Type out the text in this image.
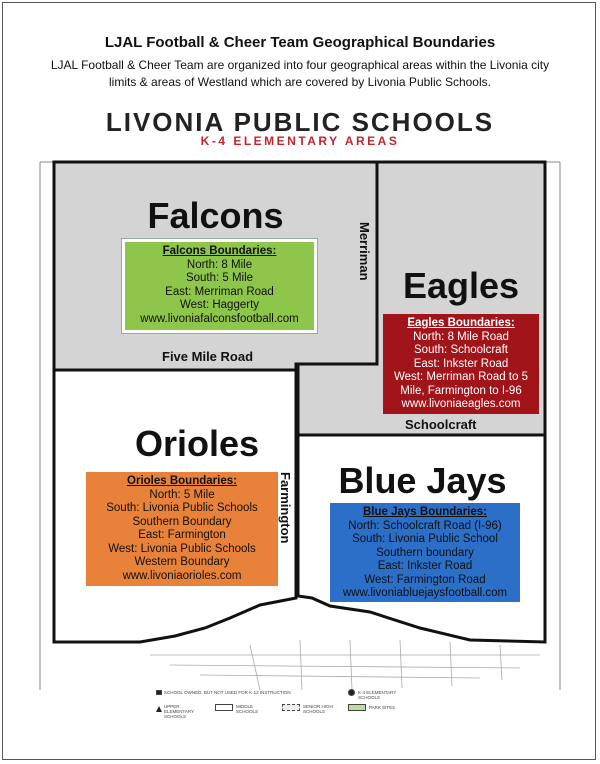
LJAL Football & Cheer Team Geographical Boundaries
LJAL Football & Cheer Team are organized into four geographical areas within the Livonia city limits & areas of Westland which are covered by Livonia Public Schools.
LIVONIA PUBLIC SCHOOLS
K-4 ELEMENTARY AREAS
Falcons
Eagles
Orioles
Blue Jays
Merriman
Five Mile Road
Schoolcraft
Farmington
Falcons Boundaries:
North: 8 Mile
South: 5 Mile
East: Merriman Road
West: Haggerty
www.livoniafalconsfootball.com	Eagles Boundaries:
North: 8 Mile Road
South: Schoolcraft
East: Inkster Road
West: Merriman Road to 5
Mile, Farmington to I-96
www.livoniaeagles.com
Orioles Boundaries:
North: 5 Mile
South: Livonia Public Schools
Southern Boundary
East: Farmington
West: Livonia Public Schools
Western Boundary
www.livoniaorioles.com
Blue Jays Boundaries:
North: Schoolcraft Road (I-96)
South: Livonia Public School
Southern boundary
East: Inkster Road
West: Farmington Road
www.livoniabluejaysfootball.com
SCHOOL OWNED, BUT NOT USED FOR K-12 INSTRUCTION	K-4 ELEMENTARY SCHOOLS
UPPER ELEMENTARY SCHOOLS
MIDDLE SCHOOLS
SENIOR HIGH SCHOOLS
PARK SITES
